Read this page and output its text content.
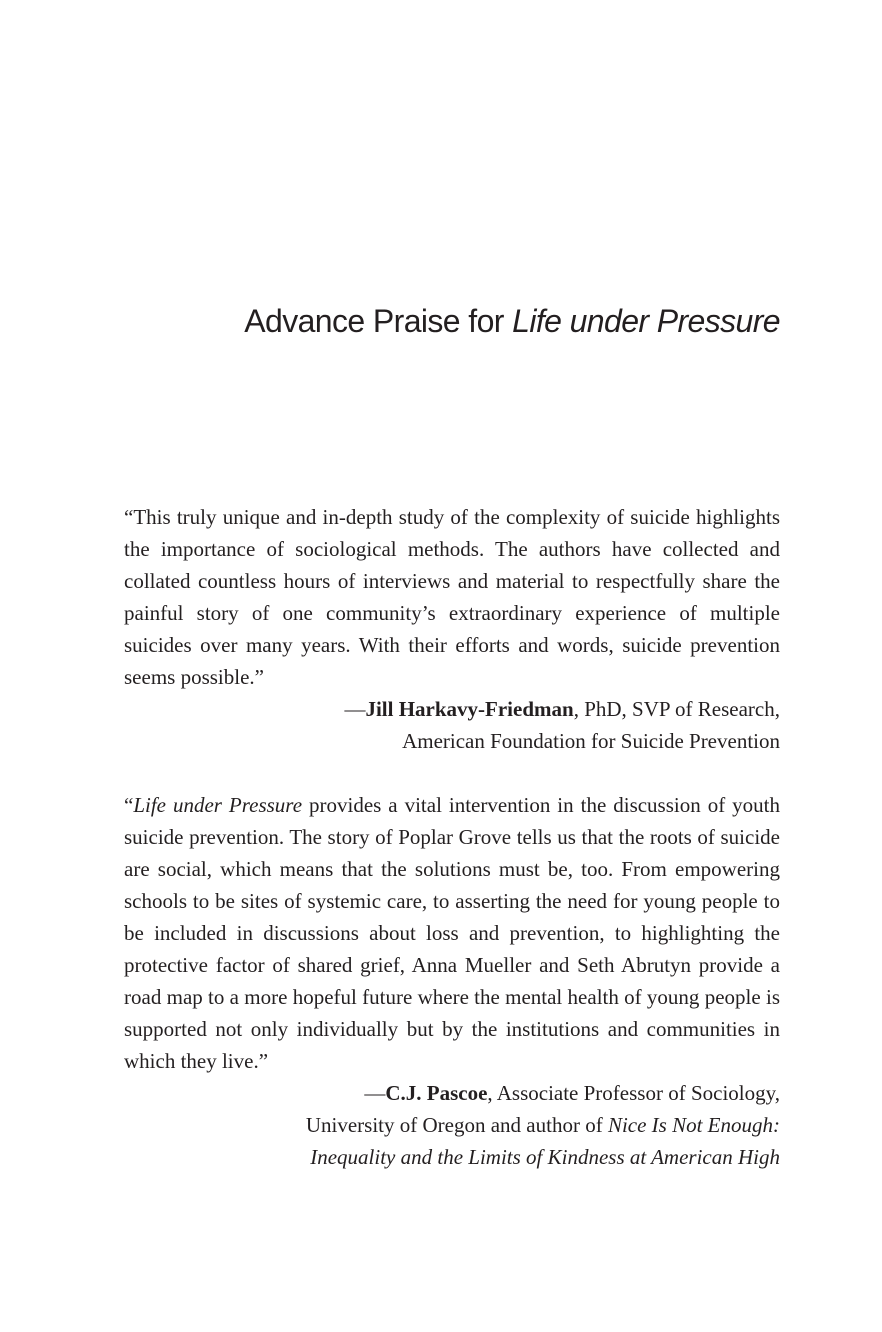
Advance Praise for Life under Pressure

“This truly unique and in-depth study of the complexity of suicide highlights the importance of sociological methods. The authors have collected and collated countless hours of interviews and material to respectfully share the painful story of one community’s extraordinary experience of multiple suicides over many years. With their efforts and words, suicide prevention seems possible.”

—Jill Harkavy-Friedman, PhD, SVP of Research,
American Foundation for Suicide Prevention

“Life under Pressure provides a vital intervention in the discussion of youth suicide prevention. The story of Poplar Grove tells us that the roots of suicide are social, which means that the solutions must be, too. From empowering schools to be sites of systemic care, to asserting the need for young people to be included in discussions about loss and prevention, to highlighting the protective factor of shared grief, Anna Mueller and Seth Abrutyn provide a road map to a more hopeful future where the mental health of young people is supported not only individually but by the institutions and communities in which they live.”

—C.J. Pascoe, Associate Professor of Sociology,
University of Oregon and author of Nice Is Not Enough:
Inequality and the Limits of Kindness at American High
